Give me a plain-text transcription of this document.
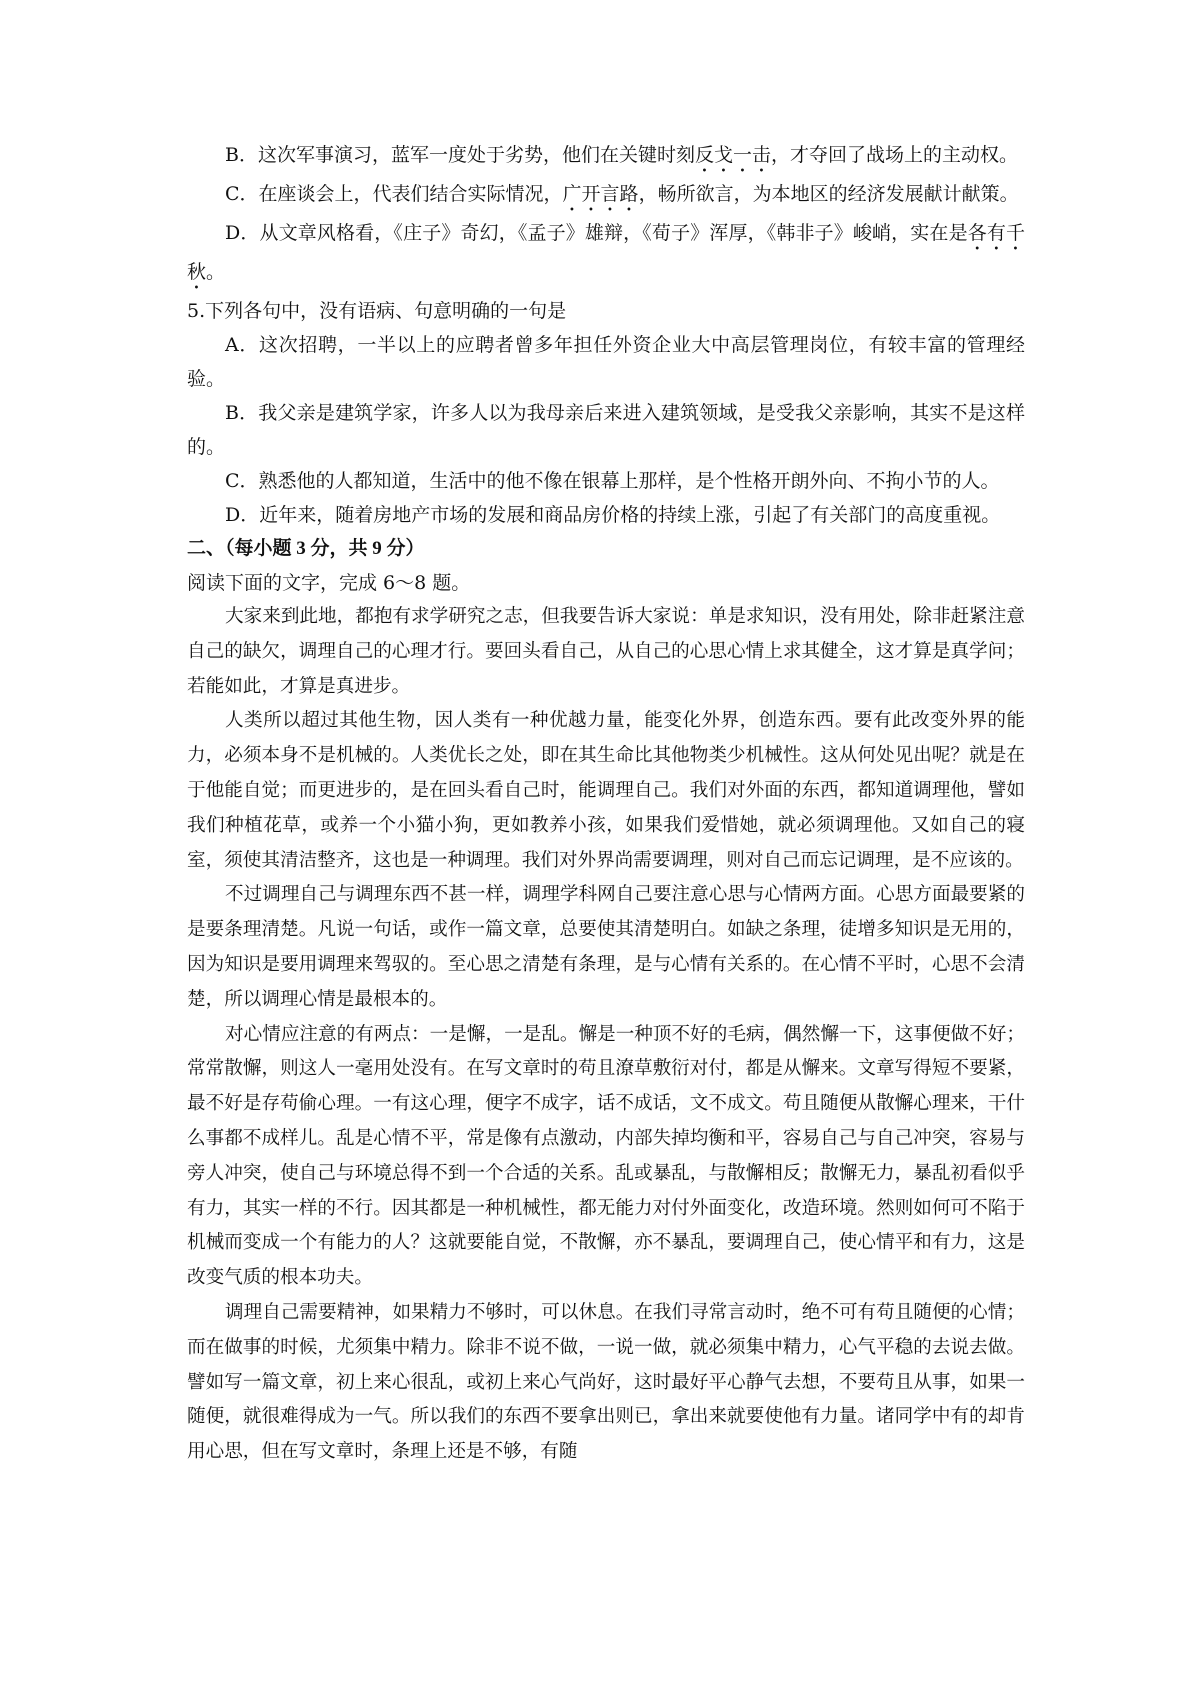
B．这次军事演习，蓝军一度处于劣势，他们在关键时刻反戈一击，才夺回了战场上的主动权。

C．在座谈会上，代表们结合实际情况，广开言路，畅所欲言，为本地区的经济发展献计献策。

D．从文章风格看，《庄子》奇幻，《孟子》雄辩，《荀子》浑厚，《韩非子》峻峭，实在是各有千秋。

5.下列各句中，没有语病、句意明确的一句是

A．这次招聘，一半以上的应聘者曾多年担任外资企业大中高层管理岗位，有较丰富的管理经验。

B．我父亲是建筑学家，许多人以为我母亲后来进入建筑领域，是受我父亲影响，其实不是这样的。

C．熟悉他的人都知道，生活中的他不像在银幕上那样，是个性格开朗外向、不拘小节的人。

D．近年来，随着房地产市场的发展和商品房价格的持续上涨，引起了有关部门的高度重视。

二、（每小题 3 分，共 9 分）

阅读下面的文字，完成 6～8 题。

大家来到此地，都抱有求学研究之志，但我要告诉大家说：单是求知识，没有用处，除非赶紧注意自己的缺欠，调理自己的心理才行。要回头看自己，从自己的心思心情上求其健全，这才算是真学问；若能如此，才算是真进步。

人类所以超过其他生物，因人类有一种优越力量，能变化外界，创造东西。要有此改变外界的能力，必须本身不是机械的。人类优长之处，即在其生命比其他物类少机械性。这从何处见出呢？就是在于他能自觉；而更进步的，是在回头看自己时，能调理自己。我们对外面的东西，都知道调理他，譬如我们种植花草，或养一个小猫小狗，更如教养小孩，如果我们爱惜她，就必须调理他。又如自己的寝室，须使其清洁整齐，这也是一种调理。我们对外界尚需要调理，则对自己而忘记调理，是不应该的。

不过调理自己与调理东西不甚一样，调理学科网自己要注意心思与心情两方面。心思方面最要紧的是要条理清楚。凡说一句话，或作一篇文章，总要使其清楚明白。如缺之条理，徒增多知识是无用的，因为知识是要用调理来驾驭的。至心思之清楚有条理，是与心情有关系的。在心情不平时，心思不会清楚，所以调理心情是最根本的。

对心情应注意的有两点：一是懈，一是乱。懈是一种顶不好的毛病，偶然懈一下，这事便做不好；常常散懈，则这人一毫用处没有。在写文章时的苟且潦草敷衍对付，都是从懈来。文章写得短不要紧，最不好是存苟偷心理。一有这心理，便字不成字，话不成话，文不成文。苟且随便从散懈心理来，干什么事都不成样儿。乱是心情不平，常是像有点激动，内部失掉均衡和平，容易自己与自己冲突，容易与旁人冲突，使自己与环境总得不到一个合适的关系。乱或暴乱，与散懈相反；散懈无力，暴乱初看似乎有力，其实一样的不行。因其都是一种机械性，都无能力对付外面变化，改造环境。然则如何可不陷于机械而变成一个有能力的人？这就要能自觉，不散懈，亦不暴乱，要调理自己，使心情平和有力，这是改变气质的根本功夫。

调理自己需要精神，如果精力不够时，可以休息。在我们寻常言动时，绝不可有苟且随便的心情；而在做事的时候，尤须集中精力。除非不说不做，一说一做，就必须集中精力，心气平稳的去说去做。譬如写一篇文章，初上来心很乱，或初上来心气尚好，这时最好平心静气去想，不要苟且从事，如果一随便，就很难得成为一气。所以我们的东西不要拿出则已，拿出来就要使他有力量。诸同学中有的却肯用心思，但在写文章时，条理上还是不够，有随
